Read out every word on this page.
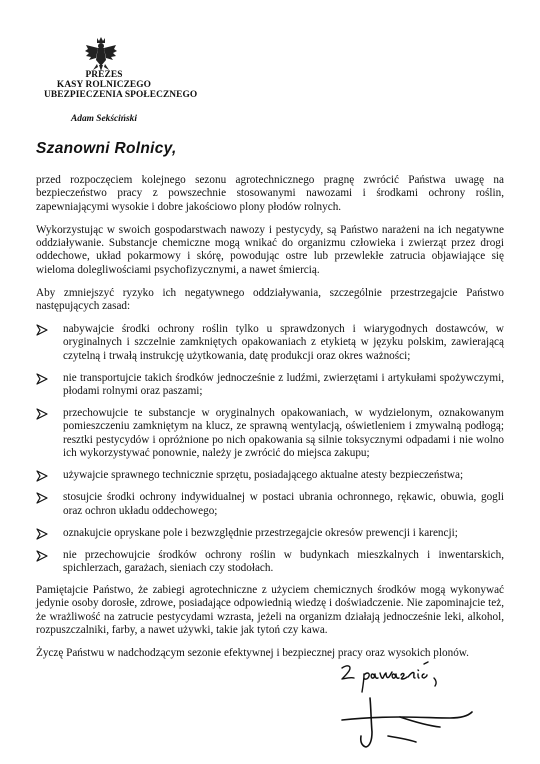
PREZES
KASY ROLNICZEGO
UBEZPIECZENIA SPOŁECZNEGO
Adam Sekściński
Szanowni Rolnicy,

przed rozpoczęciem kolejnego sezonu agrotechnicznego pragnę zwrócić Państwa uwagę na bezpieczeństwo pracy z powszechnie stosowanymi nawozami i środkami ochrony roślin, zapewniającymi wysokie i dobre jakościowo plony płodów rolnych.

Wykorzystując w swoich gospodarstwach nawozy i pestycydy, są Państwo narażeni na ich negatywne oddziaływanie. Substancje chemiczne mogą wnikać do organizmu człowieka i zwierząt przez drogi oddechowe, układ pokarmowy i skórę, powodując ostre lub przewlekłe zatrucia objawiające się wieloma dolegliwościami psychofizycznymi, a nawet śmiercią.

Aby zmniejszyć ryzyko ich negatywnego oddziaływania, szczególnie przestrzegajcie Państwo następujących zasad:

nabywajcie środki ochrony roślin tylko u sprawdzonych i wiarygodnych dostawców, w oryginalnych i szczelnie zamkniętych opakowaniach z etykietą w języku polskim, zawierającą czytelną i trwałą instrukcję użytkowania, datę produkcji oraz okres ważności;
nie transportujcie takich środków jednocześnie z ludźmi, zwierzętami i artykułami spożywczymi, płodami rolnymi oraz paszami;
przechowujcie te substancje w oryginalnych opakowaniach, w wydzielonym, oznakowanym pomieszczeniu zamkniętym na klucz, ze sprawną wentylacją, oświetleniem i zmywalną podłogą; resztki pestycydów i opróżnione po nich opakowania są silnie toksycznymi odpadami i nie wolno ich wykorzystywać ponownie, należy je zwrócić do miejsca zakupu;
używajcie sprawnego technicznie sprzętu, posiadającego aktualne atesty bezpieczeństwa;
stosujcie środki ochrony indywidualnej w postaci ubrania ochronnego, rękawic, obuwia, gogli oraz ochron układu oddechowego;
oznakujcie opryskane pole i bezwzględnie przestrzegajcie okresów prewencji i karencji;
nie przechowujcie środków ochrony roślin w budynkach mieszkalnych i inwentarskich, spichlerzach, garażach, sieniach czy stodołach.

Pamiętajcie Państwo, że zabiegi agrotechniczne z użyciem chemicznych środków mogą wykonywać jedynie osoby dorosłe, zdrowe, posiadające odpowiednią wiedzę i doświadczenie. Nie zapominajcie też, że wrażliwość na zatrucie pestycydami wzrasta, jeżeli na organizm działają jednocześnie leki, alkohol, rozpuszczalniki, farby, a nawet używki, takie jak tytoń czy kawa.

Życzę Państwu w nadchodzącym sezonie efektywnej i bezpiecznej pracy oraz wysokich plonów.
